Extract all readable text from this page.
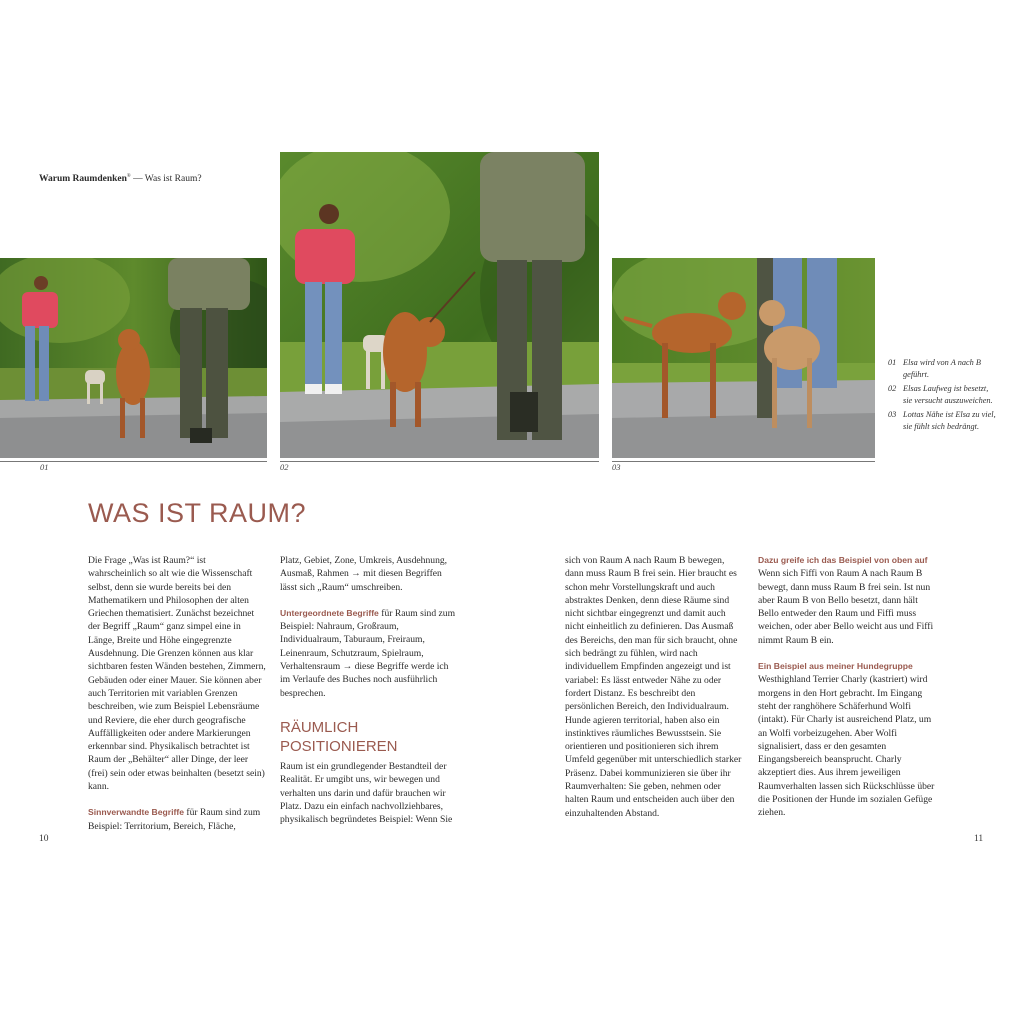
Warum Raumdenken® — Was ist Raum?
01	02	03
01 Elsa wird von A nach B geführt.
02 Elsas Laufweg ist besetzt, sie versucht auszuweichen.
03 Lottas Nähe ist Elsa zu viel, sie fühlt sich bedrängt.
WAS IST RAUM?

Die Frage „Was ist Raum?“ ist wahrscheinlich so alt wie die Wissenschaft selbst, denn sie wurde bereits bei den Mathematikern und Philosophen der alten Griechen thematisiert. Zunächst bezeichnet der Begriff „Raum“ ganz simpel eine in Länge, Breite und Höhe eingegrenzte Ausdehnung. Die Grenzen können aus klar sichtbaren festen Wänden bestehen, Zimmern, Gebäuden oder einer Mauer. Sie können aber auch Territorien mit variablen Grenzen beschreiben, wie zum Beispiel Lebensräume und Reviere, die eher durch geografische Auffälligkeiten oder andere Markierungen erkennbar sind. Physikalisch betrachtet ist Raum der „Behälter“ aller Dinge, der leer (frei) sein oder etwas beinhalten (besetzt sein) kann.

Sinnverwandte Begriffe für Raum sind zum Beispiel: Territorium, Bereich, Fläche,

Platz, Gebiet, Zone, Umkreis, Ausdehnung, Ausmaß, Rahmen → mit diesen Begriffen lässt sich „Raum“ umschreiben.

Untergeordnete Begriffe für Raum sind zum Beispiel: Nahraum, Großraum, Individualraum, Taburaum, Freiraum, Leinenraum, Schutzraum, Spielraum, Verhaltensraum → diese Begriffe werde ich im Verlaufe des Buches noch ausführlich besprechen.

RÄUMLICH POSITIONIEREN

Raum ist ein grundlegender Bestandteil der Realität. Er umgibt uns, wir bewegen und verhalten uns darin und dafür brauchen wir Platz. Dazu ein einfach nachvollziehbares, physikalisch begründetes Beispiel: Wenn Sie

sich von Raum A nach Raum B bewegen, dann muss Raum B frei sein. Hier braucht es schon mehr Vorstellungskraft und auch abstraktes Denken, denn diese Räume sind nicht sichtbar eingegrenzt und damit auch nicht einheitlich zu definieren. Das Ausmaß des Bereichs, den man für sich braucht, ohne sich bedrängt zu fühlen, wird nach individuellem Empfinden angezeigt und ist variabel: Es lässt entweder Nähe zu oder fordert Distanz. Es beschreibt den persönlichen Bereich, den Individualraum.

Hunde agieren territorial, haben also ein instinktives räumliches Bewusstsein. Sie orientieren und positionieren sich ihrem Umfeld gegenüber mit unterschiedlich starker Präsenz. Dabei kommunizieren sie über ihr Raumverhalten: Sie geben, nehmen oder halten Raum und entscheiden auch über den einzuhaltenden Abstand.

Dazu greife ich das Beispiel von oben auf Wenn sich Fiffi von Raum A nach Raum B bewegt, dann muss Raum B frei sein. Ist nun aber Raum B von Bello besetzt, dann hält Bello entweder den Raum und Fiffi muss weichen, oder aber Bello weicht aus und Fiffi nimmt Raum B ein.

Ein Beispiel aus meiner Hundegruppe
Westhighland Terrier Charly (kastriert) wird morgens in den Hort gebracht. Im Eingang steht der ranghöhere Schäferhund Wolfi (intakt). Für Charly ist ausreichend Platz, um an Wolfi vorbeizugehen. Aber Wolfi signalisiert, dass er den gesamten Eingangsbereich beansprucht. Charly akzeptiert dies. Aus ihrem jeweiligen Raumverhalten lassen sich Rückschlüsse über die Positionen der Hunde im sozialen Gefüge ziehen.

10	11
